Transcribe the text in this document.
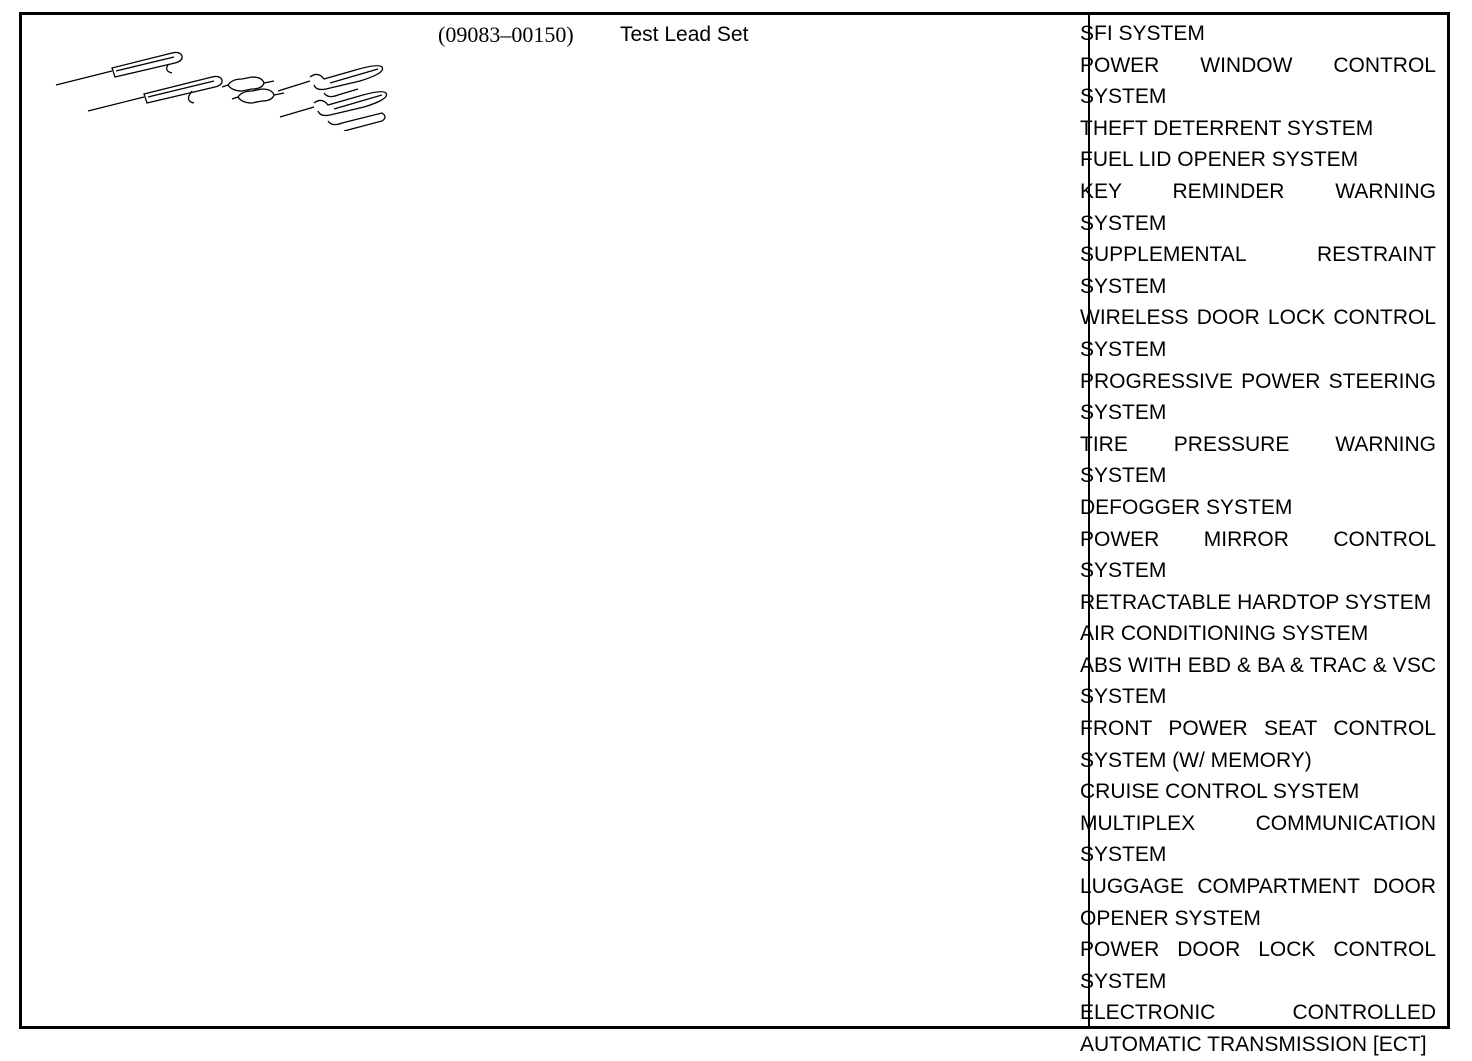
(09083–00150) Test Lead Set	SFI SYSTEM
POWER WINDOW CONTROL SYSTEM
THEFT DETERRENT SYSTEM
FUEL LID OPENER SYSTEM
KEY REMINDER WARNING SYSTEM
SUPPLEMENTAL RESTRAINT SYSTEM
WIRELESS DOOR LOCK CONTROL SYSTEM
PROGRESSIVE POWER STEERING SYSTEM
TIRE PRESSURE WARNING SYSTEM
DEFOGGER SYSTEM
POWER MIRROR CONTROL SYSTEM
RETRACTABLE HARDTOP SYSTEM
AIR CONDITIONING SYSTEM
ABS WITH EBD & BA & TRAC & VSC SYSTEM
FRONT POWER SEAT CONTROL SYSTEM (W/ MEMORY)
CRUISE CONTROL SYSTEM
MULTIPLEX COMMUNICATION SYSTEM
LUGGAGE COMPARTMENT DOOR OPENER SYSTEM
POWER DOOR LOCK CONTROL SYSTEM
ELECTRONIC CONTROLLED AUTOMATIC TRANSMISSION [ECT]
